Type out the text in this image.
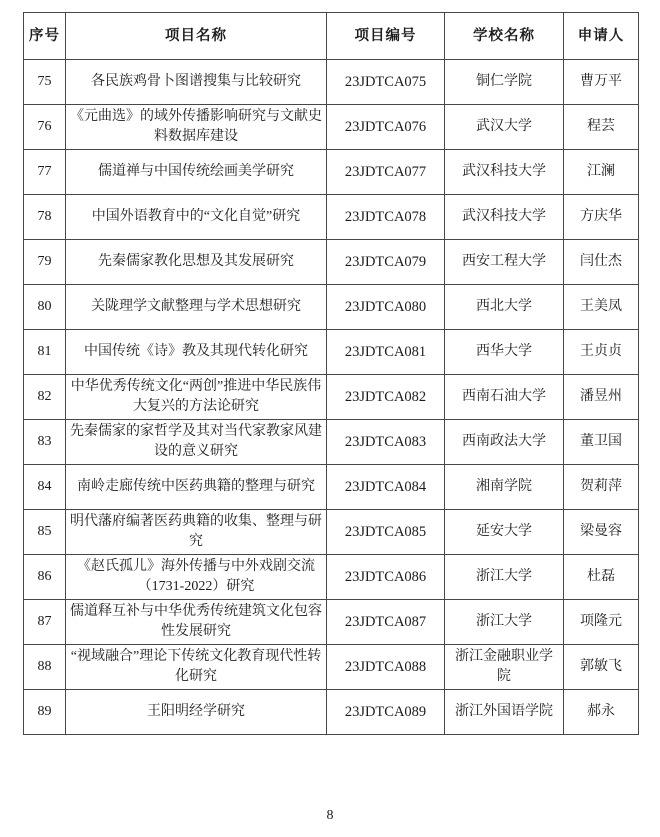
序号	项目名称	项目编号	学校名称	申请人
75	各民族鸡骨卜图谱搜集与比较研究	23JDTCA075	铜仁学院	曹万平
76	《元曲选》的域外传播影响研究与文献史料数据库建设	23JDTCA076	武汉大学	程芸
77	儒道禅与中国传统绘画美学研究	23JDTCA077	武汉科技大学	江澜
78	中国外语教育中的“文化自觉”研究	23JDTCA078	武汉科技大学	方庆华
79	先秦儒家教化思想及其发展研究	23JDTCA079	西安工程大学	闫仕杰
80	关陇理学文献整理与学术思想研究	23JDTCA080	西北大学	王美凤
81	中国传统《诗》教及其现代转化研究	23JDTCA081	西华大学	王贞贞
82	中华优秀传统文化“两创”推进中华民族伟大复兴的方法论研究	23JDTCA082	西南石油大学	潘昱州
83	先秦儒家的家哲学及其对当代家教家风建设的意义研究	23JDTCA083	西南政法大学	董卫国
84	南岭走廊传统中医药典籍的整理与研究	23JDTCA084	湘南学院	贺莉萍
85	明代藩府编著医药典籍的收集、整理与研究	23JDTCA085	延安大学	梁曼容
86	《赵氏孤儿》海外传播与中外戏剧交流（1731-2022）研究	23JDTCA086	浙江大学	杜磊
87	儒道释互补与中华优秀传统建筑文化包容性发展研究	23JDTCA087	浙江大学	项隆元
88	“视域融合”理论下传统文化教育现代性转化研究	23JDTCA088	浙江金融职业学院	郭敏飞
89	王阳明经学研究	23JDTCA089	浙江外国语学院	郝永
8
